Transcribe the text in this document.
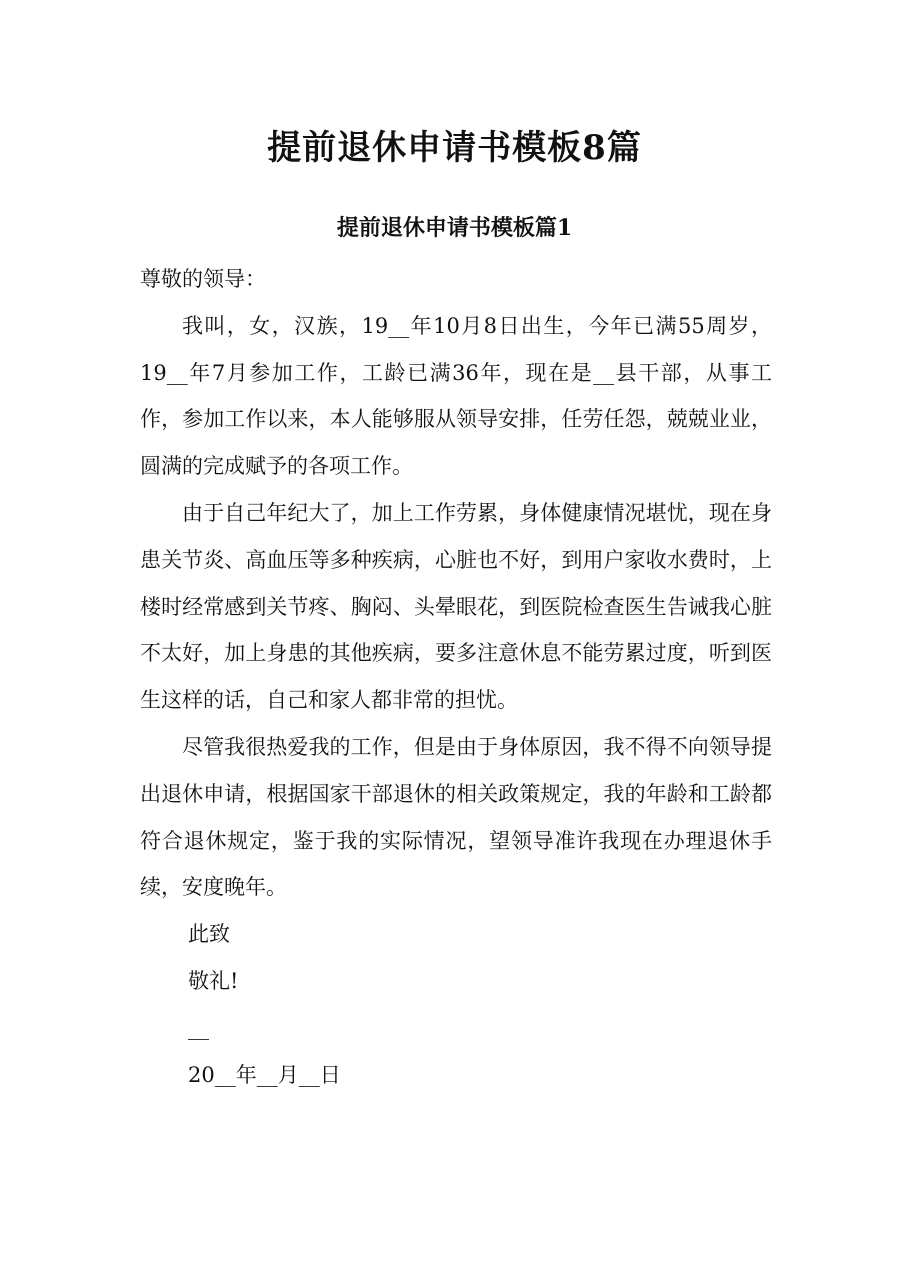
提前退休申请书模板8篇
提前退休申请书模板篇1

尊敬的领导：

我叫，女，汉族，19__年10月8日出生，今年已满55周岁，19__年7月参加工作，工龄已满36年，现在是__县干部，从事工作，参加工作以来，本人能够服从领导安排，任劳任怨，兢兢业业，圆满的完成赋予的各项工作。

由于自己年纪大了，加上工作劳累，身体健康情况堪忧，现在身患关节炎、高血压等多种疾病，心脏也不好，到用户家收水费时，上楼时经常感到关节疼、胸闷、头晕眼花，到医院检查医生告诫我心脏不太好，加上身患的其他疾病，要多注意休息不能劳累过度，听到医生这样的话，自己和家人都非常的担忧。

尽管我很热爱我的工作，但是由于身体原因，我不得不向领导提出退休申请，根据国家干部退休的相关政策规定，我的年龄和工龄都符合退休规定，鉴于我的实际情况，望领导准许我现在办理退休手续，安度晚年。

此致

敬礼!

__

20__年__月__日
